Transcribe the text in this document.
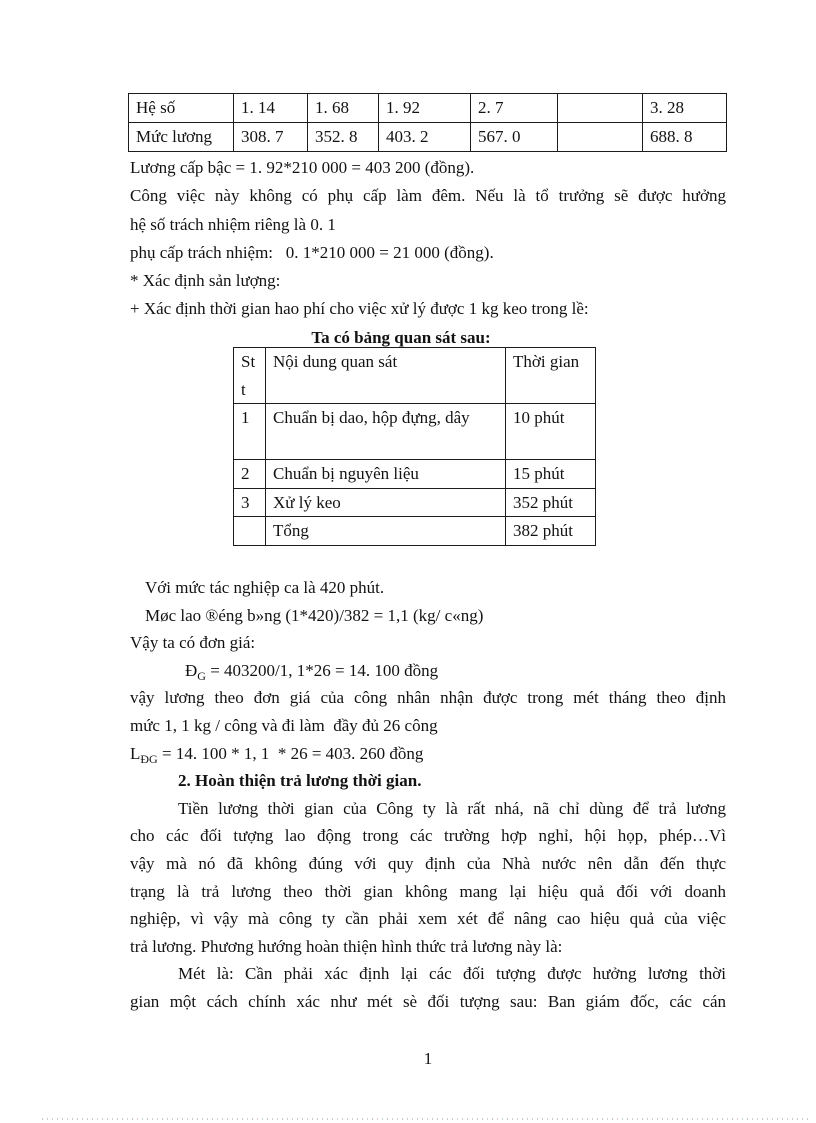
Hệ số	1. 14	1. 68	1. 92	2. 7		3. 28
Mức lương	308. 7	352. 8	403. 2	567. 0		688. 8
Lương cấp bậc = 1. 92*210 000 = 403 200 (đồng).
Công việc này không có phụ cấp làm đêm. Nếu là tổ trưởng sẽ được hưởng
hệ số trách nhiệm riêng là 0. 1
phụ cấp trách nhiệm:   0. 1*210 000 = 21 000 (đồng).
* Xác định sản lượng:
+ Xác định thời gian hao phí cho việc xử lý được 1 kg keo trong lề:
Ta có bảng quan sát sau:
Stt	Nội dung quan sát	Thời gian
1	Chuẩn bị dao, hộp đựng, dây	10 phút
2	Chuẩn bị nguyên liệu	15 phút
3	Xử lý keo	352 phút
	Tổng	382 phút
Với mức tác nghiệp ca là 420 phút.
Møc lao ®éng b»ng (1*420)/382 = 1,1 (kg/ c«ng)
Vậy ta có đơn giá:
$Đ_G = 403200/1$, 1*26 = 14. 100 đồng
vậy lương theo đơn giá của công nhân nhận được trong mét tháng theo định
mức 1, 1 kg / công và đi làm  đầy đủ 26 công
$L_{ĐG} = 14$. 100 * 1, 1  * 26 = 403. 260 đồng
2. Hoàn thiện trả lương thời gian.
Tiền lương thời gian của Công ty là rất nhá, nã chỉ dùng để trả lương
cho các đối tượng lao động trong các trường hợp nghỉ, hội họp, phép…Vì
vậy mà nó đã không đúng với quy định của Nhà nước nên dẫn đến thực
trạng là trả lương theo thời gian không mang lại hiệu quả đối với doanh
nghiệp, vì vậy mà công ty cần phải xem xét để nâng cao hiệu quả của việc
trả lương. Phương hướng hoàn thiện hình thức trả lương này là:
Mét là: Cần phải xác định lại các đối tượng được hưởng lương thời
gian một cách chính xác như mét sè đối tượng sau: Ban giám đốc, các cán
1
